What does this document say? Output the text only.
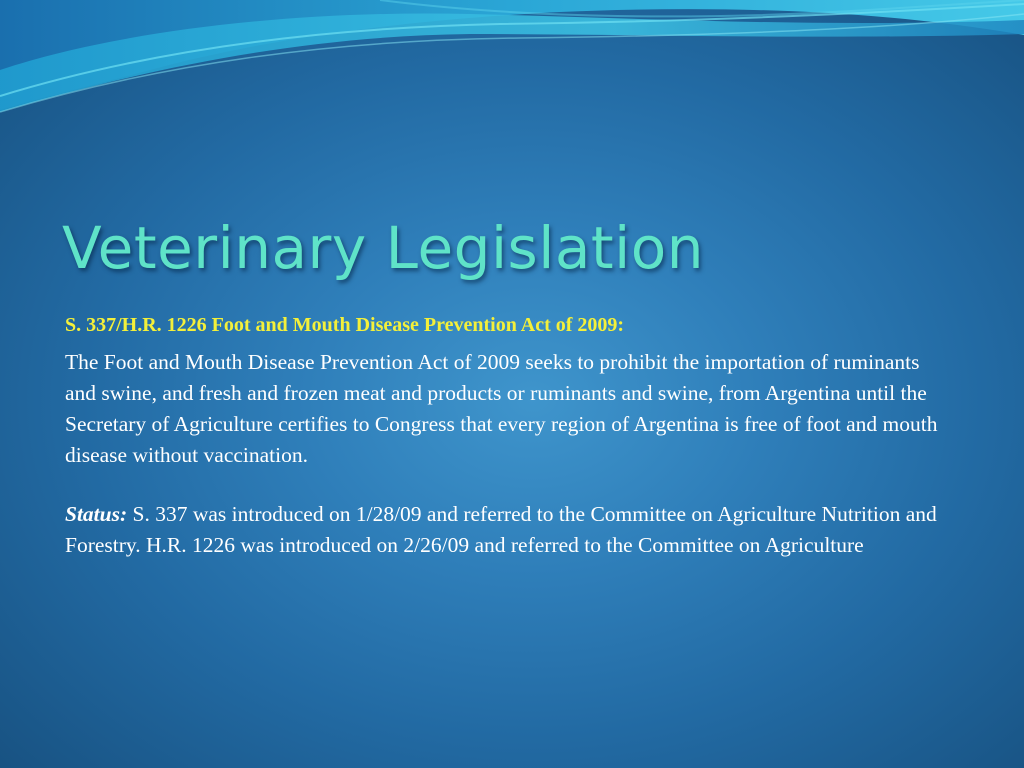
Veterinary Legislation

S. 337/H.R. 1226 Foot and Mouth Disease Prevention Act of 2009:

The Foot and Mouth Disease Prevention Act of 2009 seeks to prohibit the importation of ruminants and swine, and fresh and frozen meat and products or ruminants and swine, from Argentina until the Secretary of Agriculture certifies to Congress that every region of Argentina is free of foot and mouth disease without vaccination.

Status: S. 337 was introduced on 1/28/09 and referred to the Committee on Agriculture Nutrition and Forestry. H.R. 1226 was introduced on 2/26/09 and referred to the Committee on Agriculture
